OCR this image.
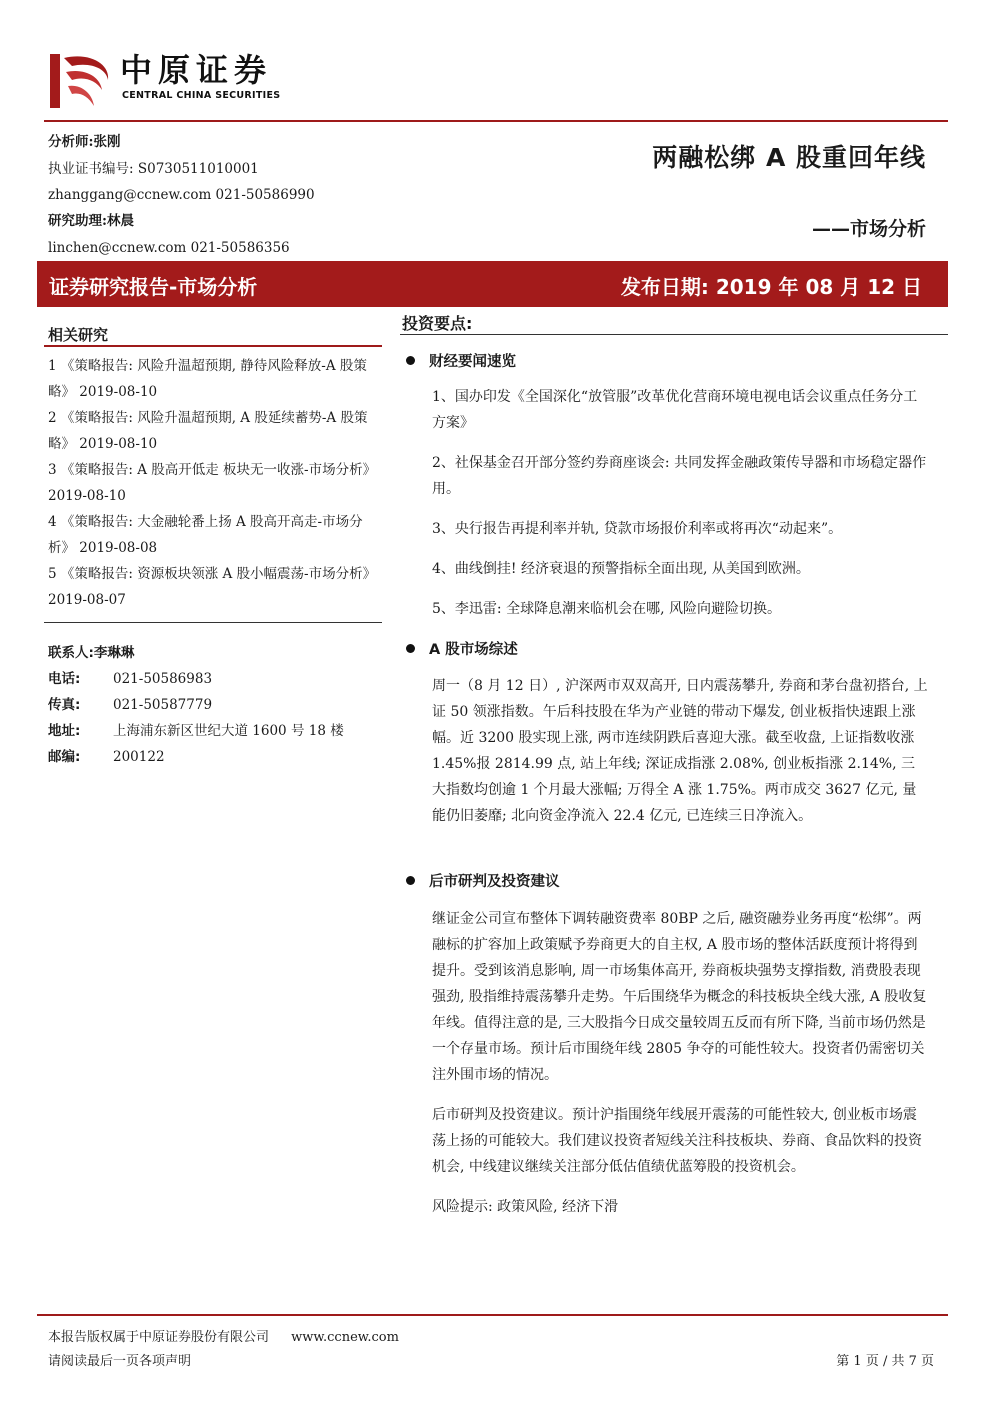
中原证券
CENTRAL CHINA SECURITIES
分析师:张刚
执业证书编号: S0730511010001
zhanggang@ccnew.com 021-50586990
研究助理:林晨
linchen@ccnew.com 021-50586356
两融松绑 A 股重回年线
——市场分析
证券研究报告-市场分析	发布日期: 2019 年 08 月 12 日
相关研究

1 《策略报告: 风险升温超预期, 静待风险释放-A 股策略》 2019-08-10

2 《策略报告: 风险升温超预期, A 股延续蓄势-A 股策略》 2019-08-10

3 《策略报告: A 股高开低走 板块无一收涨-市场分析》 2019-08-10

4 《策略报告: 大金融轮番上扬 A 股高开高走-市场分析》 2019-08-08

5 《策略报告: 资源板块领涨 A 股小幅震荡-市场分析》 2019-08-07

联系人: 李琳琳
电话:	021-50586983
传真:	021-50587779
地址:	上海浦东新区世纪大道 1600 号 18 楼
邮编:	200122
投资要点:
财经要闻速览

1、国办印发《全国深化“放管服”改革优化营商环境电视电话会议重点任务分工方案》

2、社保基金召开部分签约券商座谈会: 共同发挥金融政策传导器和市场稳定器作用。

3、央行报告再提利率并轨, 贷款市场报价利率或将再次“动起来”。

4、曲线倒挂! 经济衰退的预警指标全面出现, 从美国到欧洲。

5、李迅雷: 全球降息潮来临机会在哪, 风险向避险切换。

A 股市场综述

周一（8 月 12 日）, 沪深两市双双高开, 日内震荡攀升, 券商和茅台盘初搭台, 上证 50 领涨指数。午后科技股在华为产业链的带动下爆发, 创业板指快速跟上涨幅。近 3200 股实现上涨, 两市连续阴跌后喜迎大涨。截至收盘, 上证指数收涨 1.45%报 2814.99 点, 站上年线; 深证成指涨 2.08%, 创业板指涨 2.14%, 三大指数均创逾 1 个月最大涨幅; 万得全 A 涨 1.75%。两市成交 3627 亿元, 量能仍旧萎靡; 北向资金净流入 22.4 亿元, 已连续三日净流入。

后市研判及投资建议

继证金公司宣布整体下调转融资费率 80BP 之后, 融资融券业务再度“松绑”。两融标的扩容加上政策赋予券商更大的自主权, A 股市场的整体活跃度预计将得到提升。受到该消息影响, 周一市场集体高开, 券商板块强势支撑指数, 消费股表现强劲, 股指维持震荡攀升走势。午后围绕华为概念的科技板块全线大涨, A 股收复年线。值得注意的是, 三大股指今日成交量较周五反而有所下降, 当前市场仍然是一个存量市场。预计后市围绕年线 2805 争夺的可能性较大。投资者仍需密切关注外围市场的情况。

后市研判及投资建议。预计沪指围绕年线展开震荡的可能性较大, 创业板市场震荡上扬的可能较大。我们建议投资者短线关注科技板块、券商、食品饮料的投资机会, 中线建议继续关注部分低估值绩优蓝筹股的投资机会。

风险提示: 政策风险, 经济下滑

本报告版权属于中原证券股份有限公司 www.ccnew.com
请阅读最后一页各项声明	第 1 页 / 共 7 页
